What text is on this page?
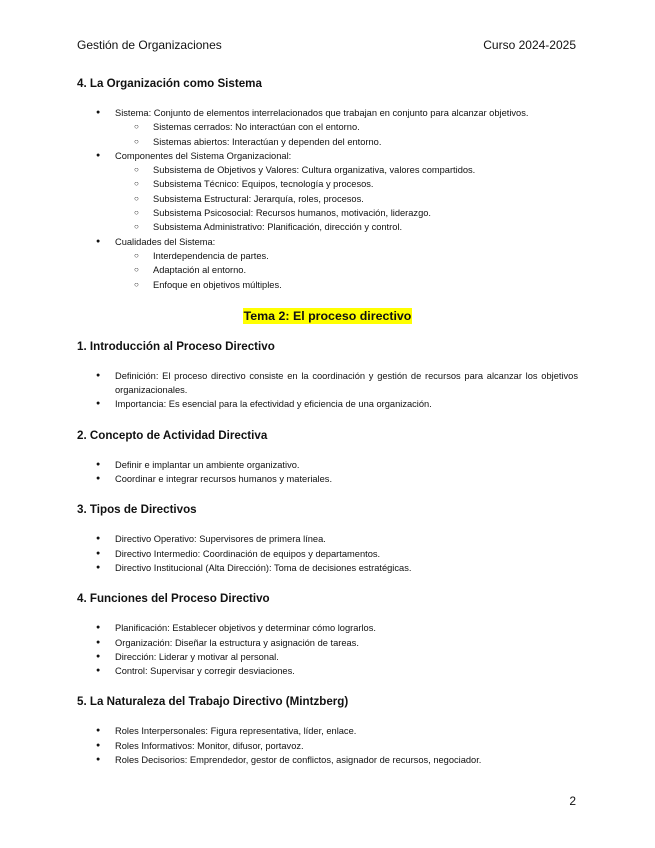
Gestión de Organizaciones	Curso 2024-2025
4. La Organización como Sistema
● Sistema: Conjunto de elementos interrelacionados que trabajan en conjunto para alcanzar objetivos.
○ Sistemas cerrados: No interactúan con el entorno.
○ Sistemas abiertos: Interactúan y dependen del entorno.
● Componentes del Sistema Organizacional:
○ Subsistema de Objetivos y Valores: Cultura organizativa, valores compartidos.
○ Subsistema Técnico: Equipos, tecnología y procesos.
○ Subsistema Estructural: Jerarquía, roles, procesos.
○ Subsistema Psicosocial: Recursos humanos, motivación, liderazgo.
○ Subsistema Administrativo: Planificación, dirección y control.
● Cualidades del Sistema:
○ Interdependencia de partes.
○ Adaptación al entorno.
○ Enfoque en objetivos múltiples.

Tema 2: El proceso directivo

1. Introducción al Proceso Directivo
● Definición: El proceso directivo consiste en la coordinación y gestión de recursos para alcanzar los objetivos organizacionales.
● Importancia: Es esencial para la efectividad y eficiencia de una organización.
2. Concepto de Actividad Directiva
● Definir e implantar un ambiente organizativo.
● Coordinar e integrar recursos humanos y materiales.
3. Tipos de Directivos
● Directivo Operativo: Supervisores de primera línea.
● Directivo Intermedio: Coordinación de equipos y departamentos.
● Directivo Institucional (Alta Dirección): Toma de decisiones estratégicas.
4. Funciones del Proceso Directivo
● Planificación: Establecer objetivos y determinar cómo lograrlos.
● Organización: Diseñar la estructura y asignación de tareas.
● Dirección: Liderar y motivar al personal.
● Control: Supervisar y corregir desviaciones.
5. La Naturaleza del Trabajo Directivo (Mintzberg)
● Roles Interpersonales: Figura representativa, líder, enlace.
● Roles Informativos: Monitor, difusor, portavoz.
● Roles Decisorios: Emprendedor, gestor de conflictos, asignador de recursos, negociador.
2
